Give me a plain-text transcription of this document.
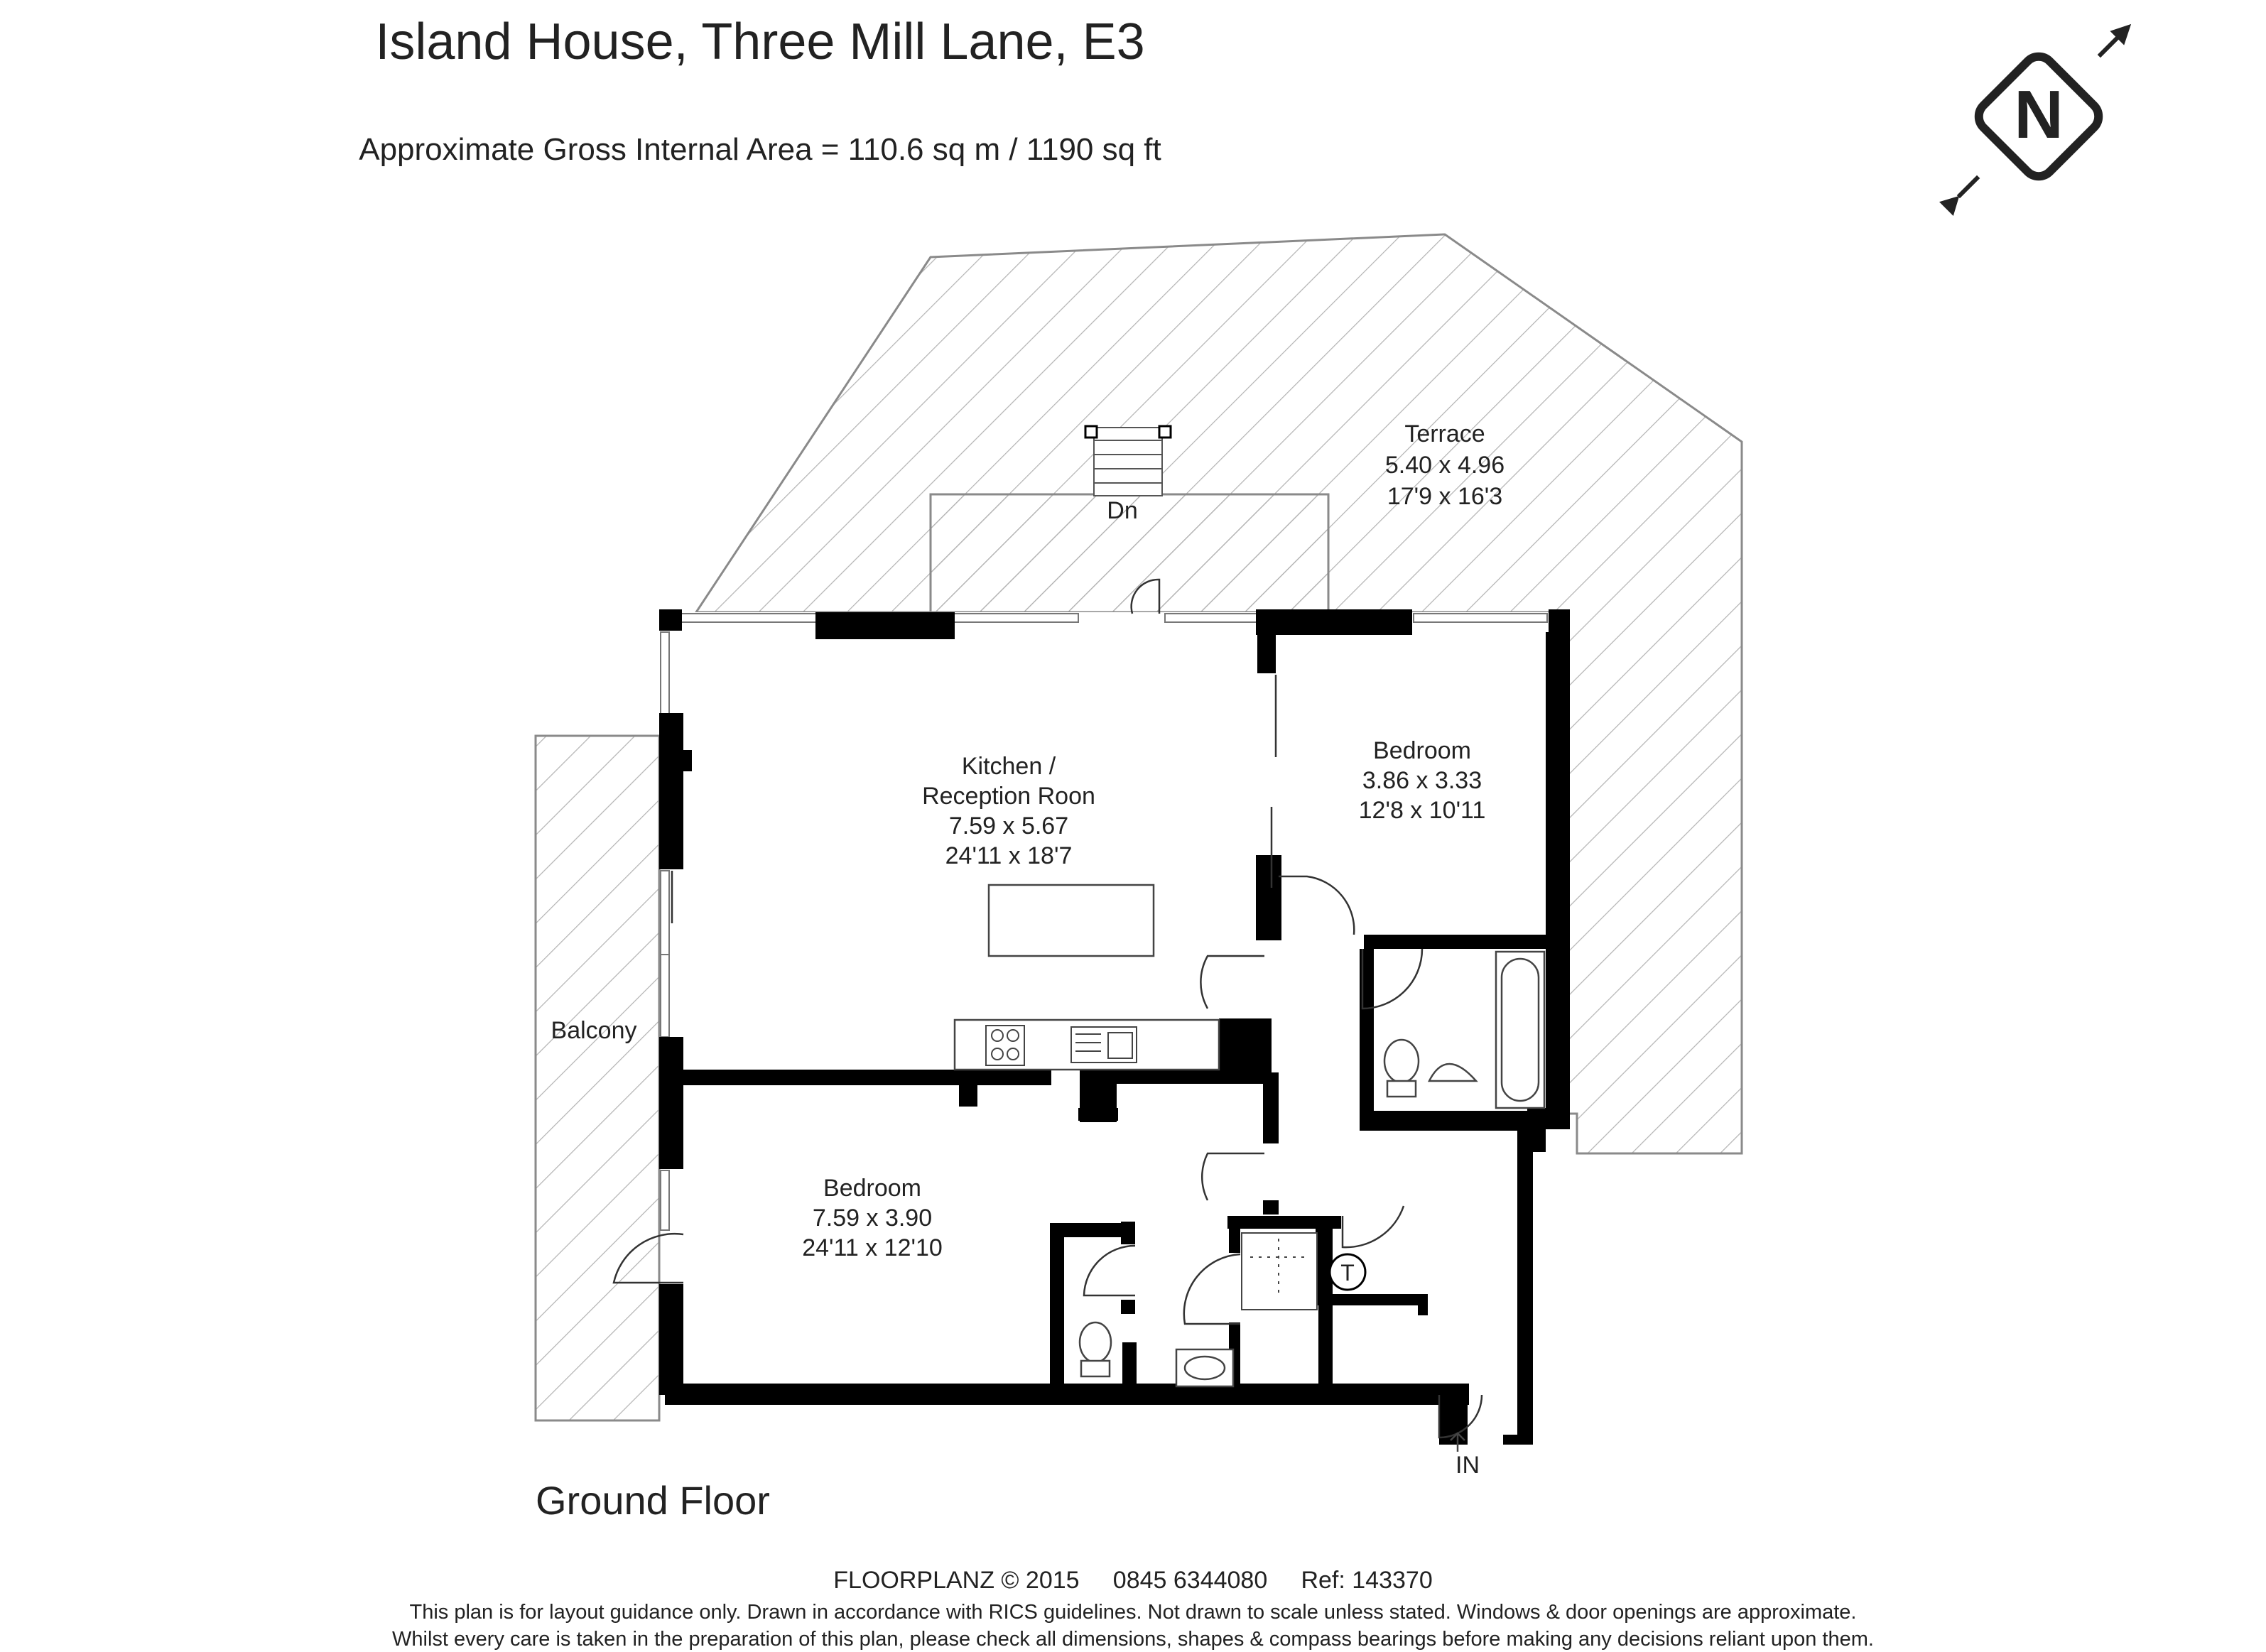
Island House, Three Mill Lane, E3
Approximate Gross Internal Area = 110.6 sq m / 1190 sq ft
Terrace
5.40 x 4.96
17'9 x 16'3
Kitchen /
Reception Roon
7.59 x 5.67
24'11 x 18'7
Bedroom
3.86 x 3.33
12'8 x 10'11
Bedroom
7.59 x 3.90
24'11 x 12'10
Balcony
Dn
T
IN
N
Ground Floor
FLOORPLANZ © 2015     0845 6344080     Ref: 143370
This plan is for layout guidance only. Drawn in accordance with RICS guidelines. Not drawn to scale unless stated. Windows & door openings are approximate.
Whilst every care is taken in the preparation of this plan, please check all dimensions, shapes & compass bearings before making any decisions reliant upon them.
